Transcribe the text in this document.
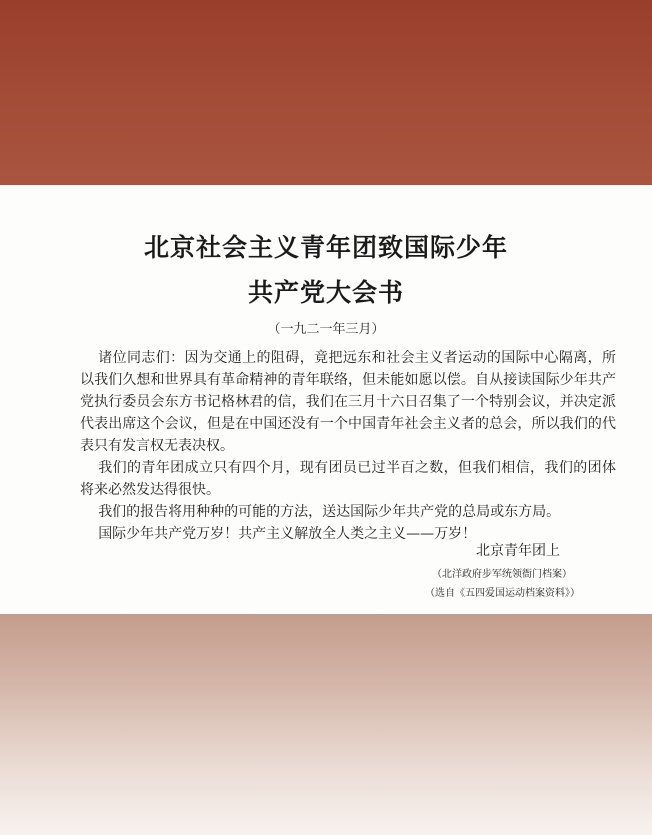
北京社会主义青年团致国际少年
共产党大会书
（一九二一年三月）

诸位同志们：因为交通上的阻碍，竟把远东和社会主义者运动的国际中心隔离，所以我们久想和世界具有革命精神的青年联络，但未能如愿以偿。自从接读国际少年共产党执行委员会东方书记格林君的信，我们在三月十六日召集了一个特别会议，并决定派代表出席这个会议，但是在中国还没有一个中国青年社会主义者的总会，所以我们的代表只有发言权无表决权。

我们的青年团成立只有四个月，现有团员已过半百之数，但我们相信，我们的团体将来必然发达得很快。

我们的报告将用种种的可能的方法，送达国际少年共产党的总局或东方局。

国际少年共产党万岁！共产主义解放全人类之主义——万岁！

北京青年团上
（北洋政府步军统领衙门档案）
（选自《五四爱国运动档案资料》）
